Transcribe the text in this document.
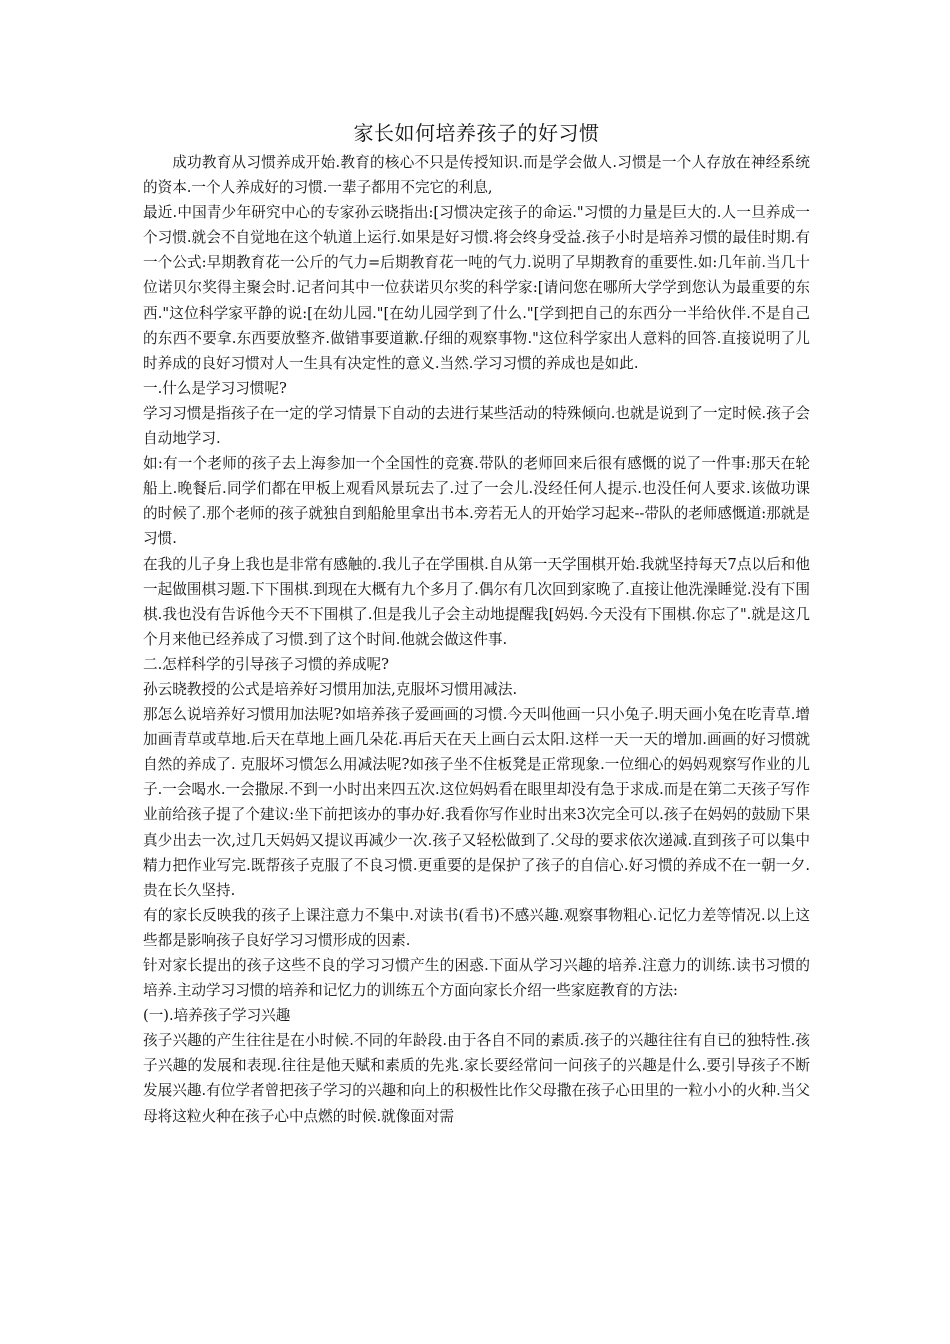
家长如何培养孩子的好习惯

成功教育从习惯养成开始.教育的核心不只是传授知识.而是学会做人.习惯是一个人存放在神经系统的资本.一个人养成好的习惯.一辈子都用不完它的利息,

最近.中国青少年研究中心的专家孙云晓指出:[习惯决定孩子的命运."习惯的力量是巨大的.人一旦养成一个习惯.就会不自觉地在这个轨道上运行.如果是好习惯.将会终身受益.孩子小时是培养习惯的最佳时期.有一个公式:早期教育花一公斤的气力=后期教育花一吨的气力.说明了早期教育的重要性.如:几年前.当几十位诺贝尔奖得主聚会时.记者问其中一位获诺贝尔奖的科学家:[请问您在哪所大学学到您认为最重要的东西."这位科学家平静的说:[在幼儿园."[在幼儿园学到了什么."[学到把自己的东西分一半给伙伴.不是自己的东西不要拿.东西要放整齐.做错事要道歉.仔细的观察事物."这位科学家出人意料的回答.直接说明了儿时养成的良好习惯对人一生具有决定性的意义.当然.学习习惯的养成也是如此.

一.什么是学习习惯呢?

学习习惯是指孩子在一定的学习情景下自动的去进行某些活动的特殊倾向.也就是说到了一定时候.孩子会自动地学习.

如:有一个老师的孩子去上海参加一个全国性的竞赛.带队的老师回来后很有感慨的说了一件事:那天在轮船上.晚餐后.同学们都在甲板上观看风景玩去了.过了一会儿.没经任何人提示.也没任何人要求.该做功课的时候了.那个老师的孩子就独自到船舱里拿出书本.旁若无人的开始学习起来--带队的老师感慨道:那就是习惯.

在我的儿子身上我也是非常有感触的.我儿子在学围棋.自从第一天学围棋开始.我就坚持每天7点以后和他一起做围棋习题.下下围棋.到现在大概有九个多月了.偶尔有几次回到家晚了.直接让他洗澡睡觉.没有下围棋.我也没有告诉他今天不下围棋了.但是我儿子会主动地提醒我[妈妈.今天没有下围棋.你忘了".就是这几个月来他已经养成了习惯.到了这个时间.他就会做这件事.

二.怎样科学的引导孩子习惯的养成呢?

孙云晓教授的公式是培养好习惯用加法,克服坏习惯用减法.

那怎么说培养好习惯用加法呢?如培养孩子爱画画的习惯.今天叫他画一只小兔子.明天画小兔在吃青草.增加画青草或草地.后天在草地上画几朵花.再后天在天上画白云太阳.这样一天一天的增加.画画的好习惯就自然的养成了. 克服坏习惯怎么用减法呢?如孩子坐不住板凳是正常现象.一位细心的妈妈观察写作业的儿子.一会喝水.一会撒尿.不到一小时出来四五次.这位妈妈看在眼里却没有急于求成.而是在第二天孩子写作业前给孩子提了个建议:坐下前把该办的事办好.我看你写作业时出来3次完全可以.孩子在妈妈的鼓励下果真少出去一次,过几天妈妈又提议再减少一次.孩子又轻松做到了.父母的要求依次递减.直到孩子可以集中精力把作业写完.既帮孩子克服了不良习惯.更重要的是保护了孩子的自信心.好习惯的养成不在一朝一夕.贵在长久坚持.

有的家长反映我的孩子上课注意力不集中.对读书(看书)不感兴趣.观察事物粗心.记忆力差等情况.以上这些都是影响孩子良好学习习惯形成的因素.

针对家长提出的孩子这些不良的学习习惯产生的困惑.下面从学习兴趣的培养.注意力的训练.读书习惯的培养.主动学习习惯的培养和记忆力的训练五个方面向家长介绍一些家庭教育的方法:

(一).培养孩子学习兴趣

孩子兴趣的产生往往是在小时候.不同的年龄段.由于各自不同的素质.孩子的兴趣往往有自已的独特性.孩子兴趣的发展和表现.往往是他天赋和素质的先兆.家长要经常问一问孩子的兴趣是什么.要引导孩子不断发展兴趣.有位学者曾把孩子学习的兴趣和向上的积极性比作父母撒在孩子心田里的一粒小小的火种.当父母将这粒火种在孩子心中点燃的时候.就像面对需
